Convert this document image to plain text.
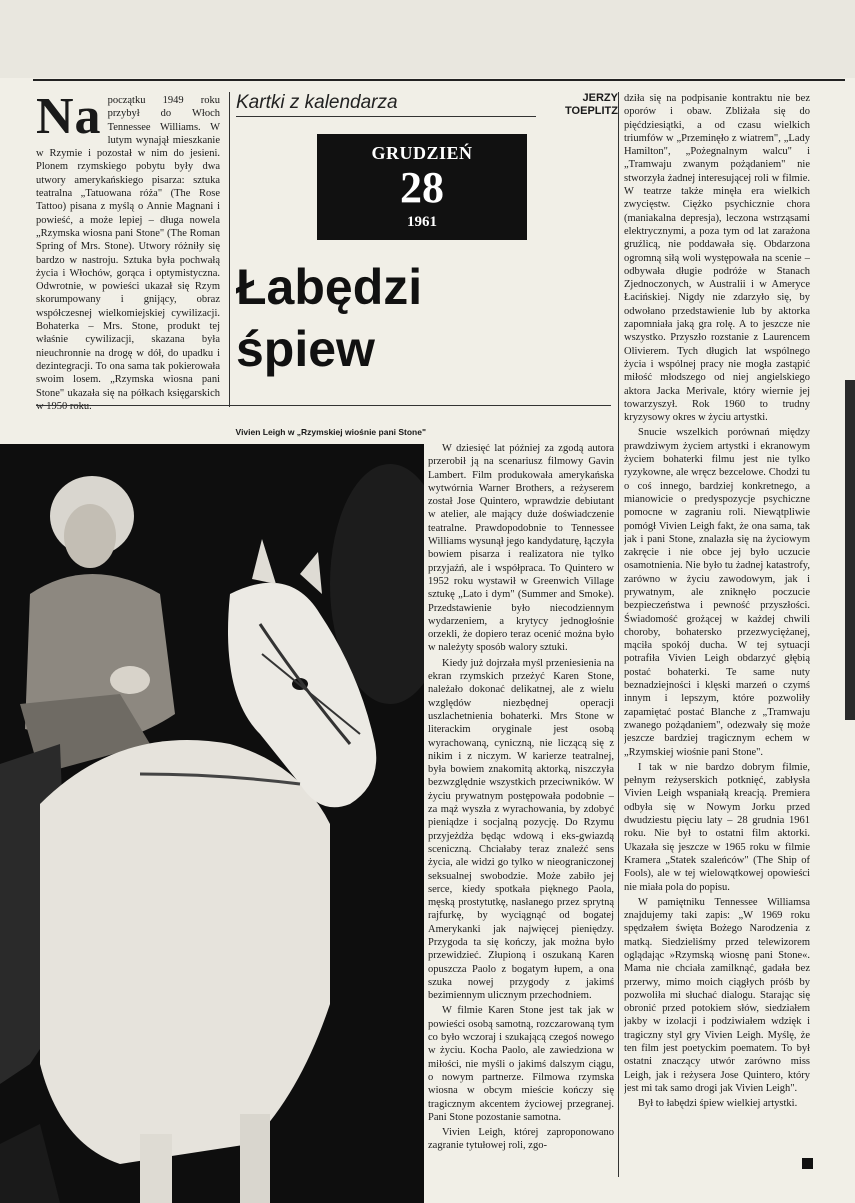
Na początku 1949 roku przybył do Włoch Tennessee Williams. W lutym wynajął mieszkanie w Rzymie i pozostał w nim do jesieni. Plonem rzymskiego pobytu były dwa utwory amerykańskiego pisarza: sztuka teatralna „Tatuowana róża" (The Rose Tattoo) pisana z myślą o Annie Magnani i powieść, a może lepiej – długa nowela „Rzymska wiosna pani Stone" (The Roman Spring of Mrs. Stone). Utwory różniły się bardzo w nastroju. Sztuka była pochwałą życia i Włochów, gorąca i optymistyczna. Odwrotnie, w powieści ukazał się Rzym skorumpowany i gnijący, obraz współczesnej wielkomiejskiej cywilizacji. Bohaterka – Mrs. Stone, produkt tej właśnie cywilizacji, skazana była nieuchronnie na drogę w dół, do upadku i dezintegracji. To ona sama tak pokierowała swoim losem. „Rzymska wiosna pani Stone" ukazała się na półkach księgarskich

Kartki z kalendarza	JERZY TOEPLITZ
GRUDZIEŃ
28
1961
Łabędzi
śpiew
Vivien Leigh w „Rzymskiej wiośnie pani Stone"

W dziesięć lat później za zgodą autora przerobił ją na scenariusz filmowy Gavin Lambert. Film produkowała amerykańska wytwórnia Warner Brothers, a reżyserem został Jose Quintero, wprawdzie debiutant w atelier, ale mający duże doświadczenie teatralne. Prawdopodobnie to Tennessee Williams wysunął jego kandydaturę, łączyła bowiem pisarza i realizatora nie tylko przyjaźń, ale i współpraca. To Quintero w 1952 roku wystawił w Greenwich Village sztukę „Lato i dym" (Summer and Smoke). Przedstawienie było niecodziennym wydarzeniem, a krytycy jednogłośnie orzekli, że dopiero teraz ocenić można było w należyty sposób walory sztuki.

Kiedy już dojrzała myśl przeniesienia na ekran rzymskich przeżyć Karen Stone, należało dokonać delikatnej, ale z wielu względów niezbędnej operacji uszlachetnienia bohaterki. Mrs Stone w literackim oryginale jest osobą wyrachowaną, cyniczną, nie liczącą się z nikim i z niczym. W karierze teatralnej, była bowiem znakomitą aktorką, niszczyła bezwzględnie wszystkich przeciwników. W życiu prywatnym postępowała podobnie – za mąż wyszła z wyrachowania, by zdobyć pieniądze i socjalną pozycję. Do Rzymu przyjeżdża będąc wdową i eks-gwiazdą sceniczną. Chciałaby teraz znaleźć sens życia, ale widzi go tylko w nieograniczonej seksualnej swobodzie. Może zabiło jej serce, kiedy spotkała pięknego Paola, męską prostytutkę, nasłanego przez sprytną rajfurkę, by wyciągnąć od bogatej Amerykanki jak najwięcej pieniędzy. Przygoda ta się kończy, jak można było przewidzieć. Złupioną i oszukaną Karen opuszcza Paolo z bogatym łupem, a ona szuka nowej przygody z jakimś bezimiennym ulicznym przechodniem.

W filmie Karen Stone jest tak jak w powieści osobą samotną, rozczarowaną tym co było wczoraj i szukającą czegoś nowego w życiu. Kocha Paolo, ale zawiedziona w miłości, nie myśli o jakimś dalszym ciągu, o nowym partnerze. Filmowa rzymska wiosna w obcym mieście kończy się tragicznym akcentem życiowej przegranej. Pani Stone pozostanie samotna.

Vivien Leigh, której zaproponowano zagranie tytułowej roli, zgo-

dziła się na podpisanie kontraktu nie bez oporów i obaw. Zbliżała się do pięćdziesiątki, a od czasu wielkich triumfów w „Przeminęło z wiatrem", „Lady Hamilton", „Pożegnalnym walcu" i „Tramwaju zwanym pożądaniem" nie stworzyła żadnej interesującej roli w filmie. W teatrze także minęła era wielkich zwycięstw. Ciężko psychicznie chora (maniakalna depresja), leczona wstrząsami elektrycznymi, a poza tym od lat zarażona gruźlicą, nie poddawała się. Obdarzona ogromną siłą woli występowała na scenie – odbywała długie podróże w Stanach Zjednoczonych, w Australii i w Ameryce Łacińskiej. Nigdy nie zdarzyło się, by odwołano przedstawienie lub by aktorka zapomniała jaką gra rolę. A to jeszcze nie wszystko. Przyszło rozstanie z Laurencem Olivierem. Tych długich lat wspólnego życia i wspólnej pracy nie mogła zastąpić miłość młodszego od niej angielskiego aktora Jacka Merivale, który wiernie jej towarzyszył. Rok 1960 to trudny kryzysowy okres w życiu artystki.

Snucie wszelkich porównań między prawdziwym życiem artystki i ekranowym życiem bohaterki filmu jest nie tylko ryzykowne, ale wręcz bezcelowe. Chodzi tu o coś innego, bardziej konkretnego, a mianowicie o predyspozycje psychiczne pomocne w zagraniu roli. Niewątpliwie pomógł Vivien Leigh fakt, że ona sama, tak jak i pani Stone, znalazła się na życiowym zakręcie i nie obce jej było uczucie osamotnienia. Nie było tu żadnej katastrofy, zarówno w życiu zawodowym, jak i prywatnym, ale zniknęło poczucie bezpieczeństwa i pewność przyszłości. Świadomość grożącej w każdej chwili choroby, bohatersko przezwyciężanej, mąciła spokój ducha. W tej sytuacji potrafiła Vivien Leigh obdarzyć głębią postać bohaterki. Te same nuty beznadziejności i klęski marzeń o czymś innym i lepszym, które pozwoliły zapamiętać postać Blanche z „Tramwaju zwanego pożądaniem", odezwały się może jeszcze bardziej tragicznym echem w „Rzymskiej wiośnie pani Stone".

I tak w nie bardzo dobrym filmie, pełnym reżyserskich potknięć, zabłysła Vivien Leigh wspaniałą kreacją. Premiera odbyła się w Nowym Jorku przed dwudziestu pięciu laty – 28 grudnia 1961 roku. Nie był to ostatni film aktorki. Ukazała się jeszcze w 1965 roku w filmie Kramera „Statek szaleńców" (The Ship of Fools), ale w tej wielowątkowej opowieści nie miała pola do popisu.

W pamiętniku Tennessee Williamsa znajdujemy taki zapis: „W 1969 roku spędzałem święta Bożego Narodzenia z matką. Siedzieliśmy przed telewizorem oglądając »Rzymską wiosnę pani Stone«. Mama nie chciała zamilknąć, gadała bez przerwy, mimo moich ciągłych próśb by pozwoliła mi słuchać dialogu. Starając się obronić przed potokiem słów, siedziałem jakby w izolacji i podziwiałem wdzięk i tragiczny styl gry Vivien Leigh. Myślę, że ten film jest poetyckim poematem. To był ostatni znaczący utwór zarówno miss Leigh, jak i reżysera Jose Quintero, który jest mi tak samo drogi jak Vivien Leigh".

Był to łabędzi śpiew wielkiej artystki.
